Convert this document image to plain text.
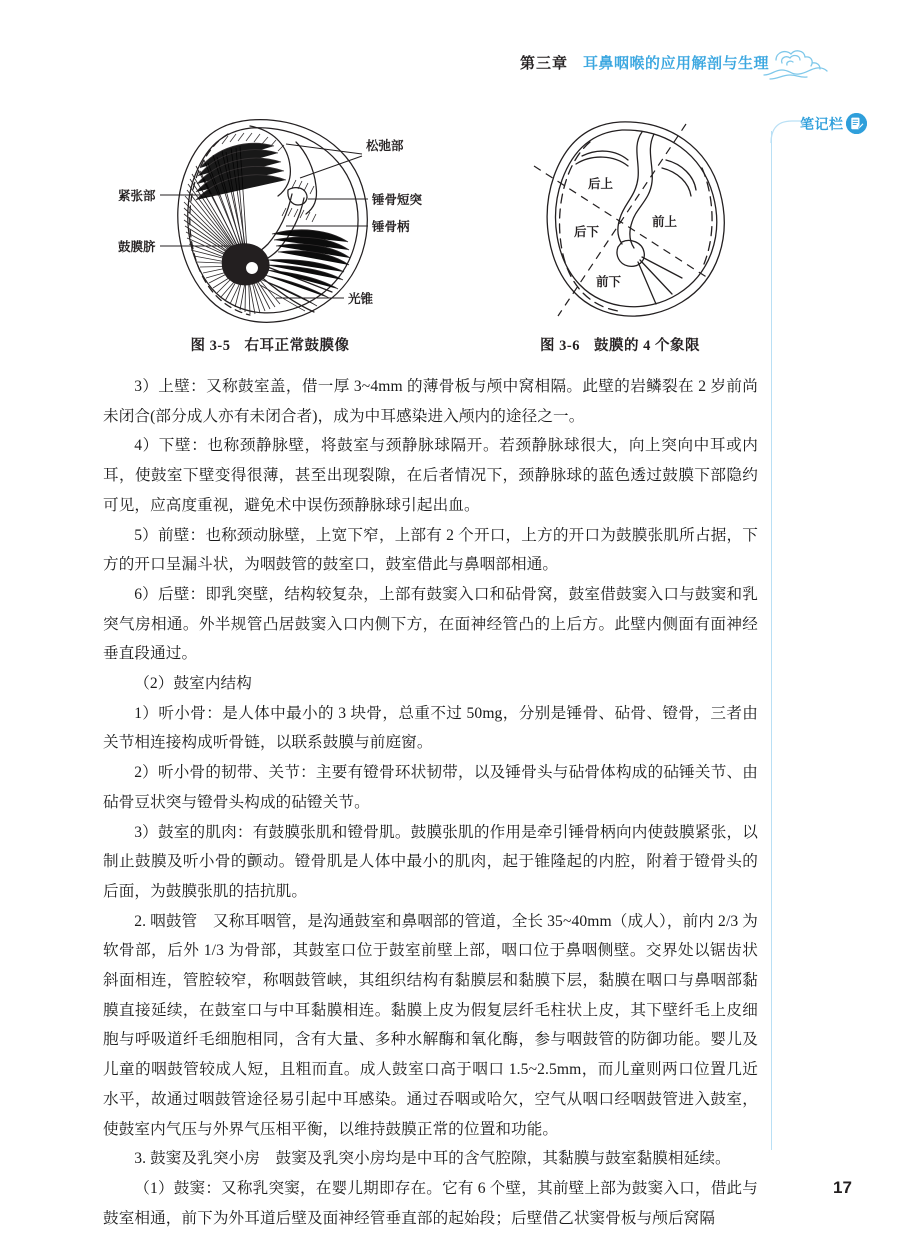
第三章 耳鼻咽喉的应用解剖与生理
笔记栏
松弛部
紧张部	锤骨短突
锤骨柄
鼓膜脐
光锥
图 3-5 右耳正常鼓膜像
后上
前上
后下
前下
图 3-6 鼓膜的 4 个象限

3）上壁：又称鼓室盖，借一厚 3~4mm 的薄骨板与颅中窝相隔。此壁的岩鳞裂在 2 岁前尚未闭合(部分成人亦有未闭合者)，成为中耳感染进入颅内的途径之一。

4）下壁：也称颈静脉壁，将鼓室与颈静脉球隔开。若颈静脉球很大，向上突向中耳或内耳，使鼓室下壁变得很薄，甚至出现裂隙，在后者情况下，颈静脉球的蓝色透过鼓膜下部隐约可见，应高度重视，避免术中误伤颈静脉球引起出血。

5）前壁：也称颈动脉壁，上宽下窄，上部有 2 个开口，上方的开口为鼓膜张肌所占据，下方的开口呈漏斗状，为咽鼓管的鼓室口，鼓室借此与鼻咽部相通。

6）后壁：即乳突壁，结构较复杂，上部有鼓窦入口和砧骨窝，鼓室借鼓窦入口与鼓窦和乳突气房相通。外半规管凸居鼓窦入口内侧下方，在面神经管凸的上后方。此壁内侧面有面神经垂直段通过。

（2）鼓室内结构

1）听小骨：是人体中最小的 3 块骨，总重不过 50mg，分别是锤骨、砧骨、镫骨，三者由关节相连接构成听骨链，以联系鼓膜与前庭窗。

2）听小骨的韧带、关节：主要有镫骨环状韧带，以及锤骨头与砧骨体构成的砧锤关节、由砧骨豆状突与镫骨头构成的砧镫关节。

3）鼓室的肌肉：有鼓膜张肌和镫骨肌。鼓膜张肌的作用是牵引锤骨柄向内使鼓膜紧张，以制止鼓膜及听小骨的颤动。镫骨肌是人体中最小的肌肉，起于锥隆起的内腔，附着于镫骨头的后面，为鼓膜张肌的拮抗肌。

2. 咽鼓管　又称耳咽管，是沟通鼓室和鼻咽部的管道，全长 35~40mm（成人），前内 2/3 为软骨部，后外 1/3 为骨部，其鼓室口位于鼓室前壁上部，咽口位于鼻咽侧壁。交界处以锯齿状斜面相连，管腔较窄，称咽鼓管峡，其组织结构有黏膜层和黏膜下层，黏膜在咽口与鼻咽部黏膜直接延续，在鼓室口与中耳黏膜相连。黏膜上皮为假复层纤毛柱状上皮，其下壁纤毛上皮细胞与呼吸道纤毛细胞相同，含有大量、多种水解酶和氧化酶，参与咽鼓管的防御功能。婴儿及儿童的咽鼓管较成人短，且粗而直。成人鼓室口高于咽口 1.5~2.5mm，而儿童则两口位置几近水平，故通过咽鼓管途径易引起中耳感染。通过吞咽或哈欠，空气从咽口经咽鼓管进入鼓室，使鼓室内气压与外界气压相平衡，以维持鼓膜正常的位置和功能。

3. 鼓窦及乳突小房　鼓窦及乳突小房均是中耳的含气腔隙，其黏膜与鼓室黏膜相延续。

（1）鼓窦：又称乳突窦，在婴儿期即存在。它有 6 个壁，其前壁上部为鼓窦入口，借此与鼓室相通，前下为外耳道后壁及面神经管垂直部的起始段；后壁借乙状窦骨板与颅后窝隔

17
